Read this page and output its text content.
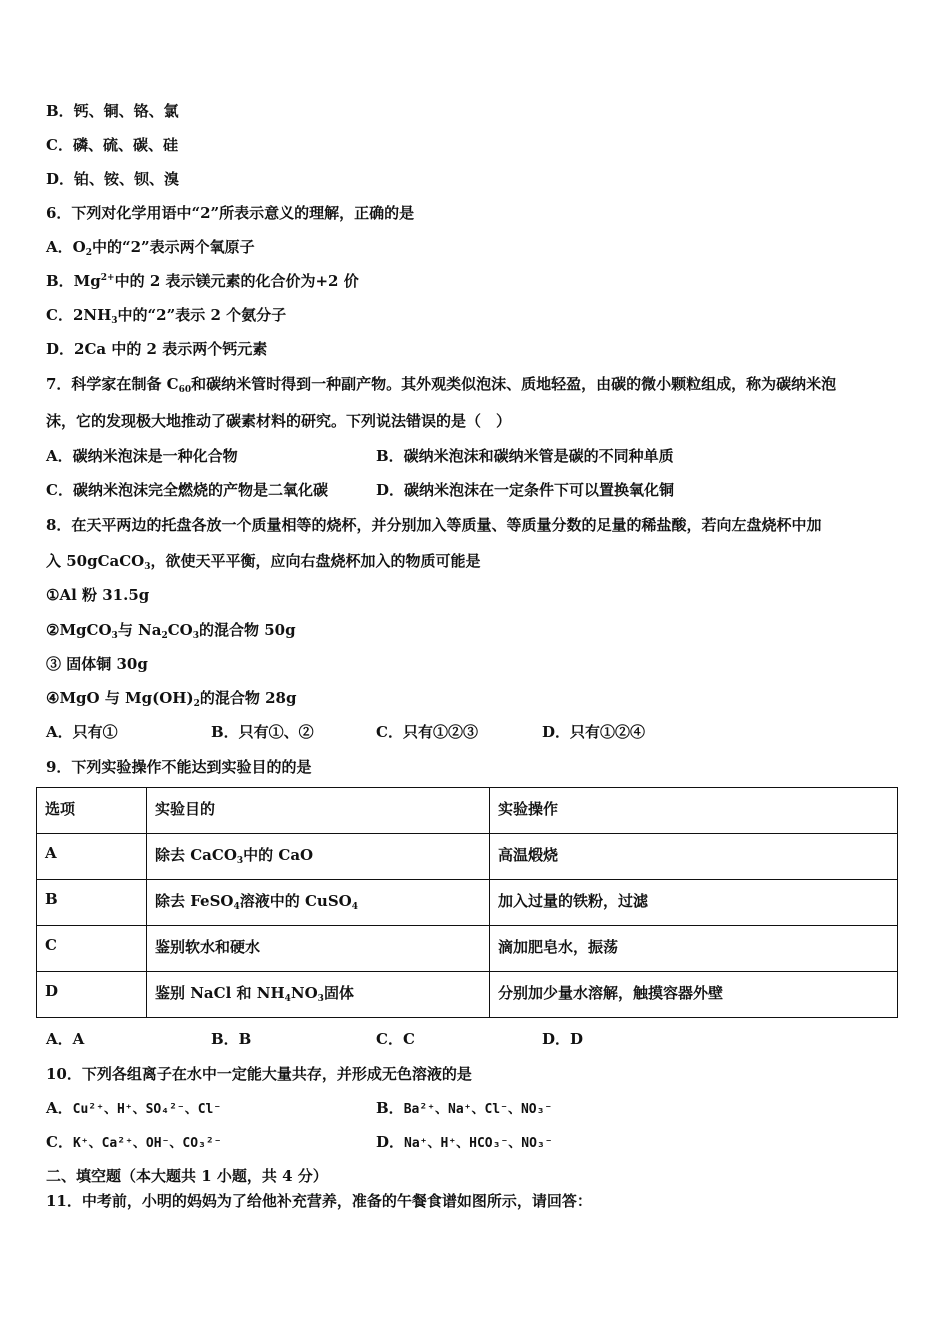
B．钙、铜、铬、氯
C．磷、硫、碳、硅
D．铂、铵、钡、溴
6．下列对化学用语中“2”所表示意义的理解，正确的是
A．$O_2$中的“2”表示两个氧原子
B．$Mg^{2+}$中的 2 表示镁元素的化合价为+2 价
C．$2NH_3$中的“2”表示 2 个氨分子
D．2Ca 中的 2 表示两个钙元素
7．科学家在制备 $C_{60}$和碳纳米管时得到一种副产物。其外观类似泡沫、质地轻盈，由碳的微小颗粒组成，称为碳纳米泡
沫，它的发现极大地推动了碳素材料的研究。下列说法错误的是（　）
A．碳纳米泡沫是一种化合物	B．碳纳米泡沫和碳纳米管是碳的不同种单质
C．碳纳米泡沫完全燃烧的产物是二氧化碳	D．碳纳米泡沫在一定条件下可以置换氧化铜
8．在天平两边的托盘各放一个质量相等的烧杯，并分别加入等质量、等质量分数的足量的稀盐酸，若向左盘烧杯中加
入 50gCaCO$_3$，欲使天平平衡，应向右盘烧杯加入的物质可能是
①Al 粉 31.5g
②MgCO$_3$与 $Na_2CO_3$的混合物 50g
③ 固体铜 30g
④MgO 与 $Mg(OH)_2$的混合物 28g
A．只有①	B．只有①、②	C．只有①②③	D．只有①②④
9．下列实验操作不能达到实验目的的是
选项	实验目的	实验操作
A	除去 CaCO$_3$中的 CaO	高温煅烧
B	除去 FeSO$_4$溶液中的 CuSO$_4$	加入过量的铁粉，过滤
C	鉴别软水和硬水	滴加肥皂水，振荡
D	鉴别 NaCl 和 $NH_4NO_3$固体	分别加少量水溶解，触摸容器外壁
A．A	B．B	C．C	D．D
10．下列各组离子在水中一定能大量共存，并形成无色溶液的是
A．Cu²⁺、H⁺、SO₄²⁻、Cl⁻	B．Ba²⁺、Na⁺、Cl⁻、NO₃⁻
C．K⁺、Ca²⁺、OH⁻、CO₃²⁻	D．Na⁺、H⁺、HCO₃⁻、NO₃⁻
二、填空题（本大题共 1 小题，共 4 分）
11．中考前，小明的妈妈为了给他补充营养，准备的午餐食谱如图所示，请回答：
